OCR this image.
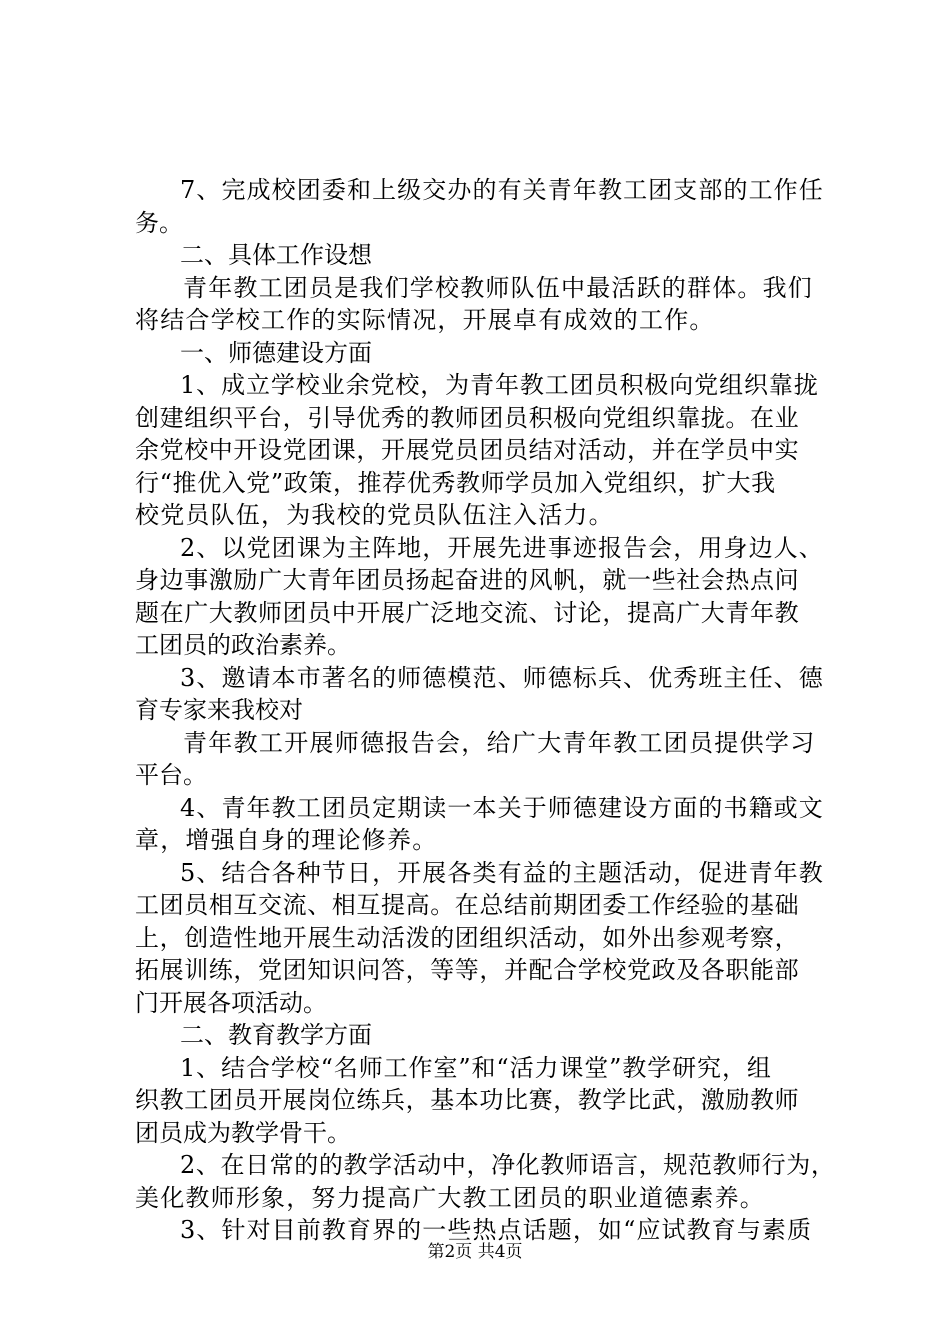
7、完成校团委和上级交办的有关青年教工团支部的工作任
务。
二、具体工作设想
青年教工团员是我们学校教师队伍中最活跃的群体。我们
将结合学校工作的实际情况，开展卓有成效的工作。
一、师德建设方面
1、成立学校业余党校，为青年教工团员积极向党组织靠拢
创建组织平台，引导优秀的教师团员积极向党组织靠拢。在业
余党校中开设党团课，开展党员团员结对活动，并在学员中实
行“推优入党”政策，推荐优秀教师学员加入党组织，扩大我
校党员队伍，为我校的党员队伍注入活力。
2、以党团课为主阵地，开展先进事迹报告会，用身边人、
身边事激励广大青年团员扬起奋进的风帆，就一些社会热点问
题在广大教师团员中开展广泛地交流、讨论，提高广大青年教
工团员的政治素养。
3、邀请本市著名的师德模范、师德标兵、优秀班主任、德
育专家来我校对
青年教工开展师德报告会，给广大青年教工团员提供学习
平台。
4、青年教工团员定期读一本关于师德建设方面的书籍或文
章，增强自身的理论修养。
5、结合各种节日，开展各类有益的主题活动，促进青年教
工团员相互交流、相互提高。在总结前期团委工作经验的基础
上，创造性地开展生动活泼的团组织活动，如外出参观考察，
拓展训练，党团知识问答，等等，并配合学校党政及各职能部
门开展各项活动。
二、教育教学方面
1、结合学校“名师工作室”和“活力课堂”教学研究，组
织教工团员开展岗位练兵，基本功比赛，教学比武，激励教师
团员成为教学骨干。
2、在日常的的教学活动中，净化教师语言，规范教师行为，
美化教师形象，努力提高广大教工团员的职业道德素养。
3、针对目前教育界的一些热点话题，如“应试教育与素质
第2页 共4页
